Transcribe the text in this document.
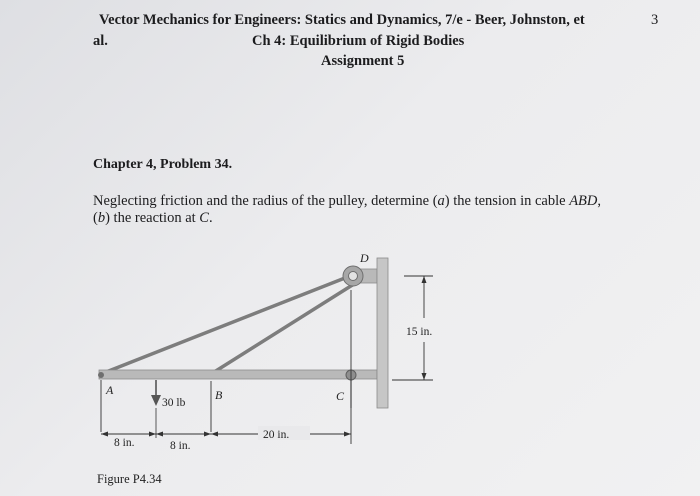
Vector Mechanics for Engineers: Statics and Dynamics, 7/e - Beer, Johnston, et	3
al.	Ch 4: Equilibrium of Rigid Bodies
Assignment 5
Chapter 4, Problem 34.
Neglecting friction and the radius of the pulley, determine (a) the tension in cable ABD,
(b) the reaction at C.
A	B	C
D
30 lb
8 in.	8 in.
20 in.
15 in.
Figure P4.34
